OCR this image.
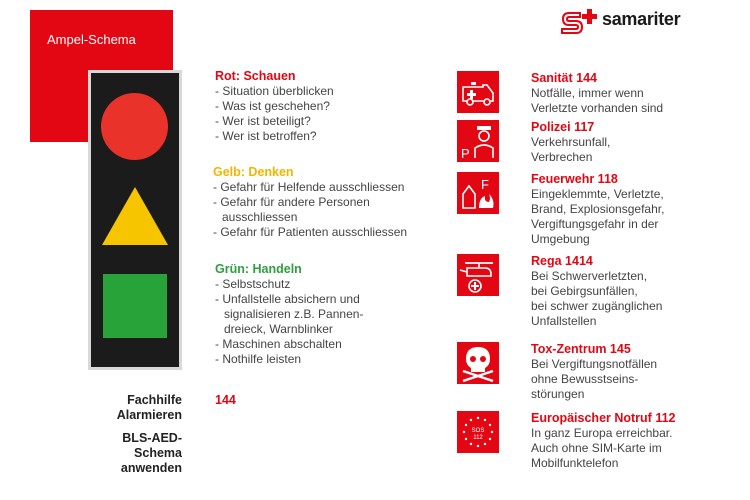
Ampel-Schema
samariter
Rot: Schauen
- Situation überblicken
- Was ist geschehen?
- Wer ist beteiligt?
- Wer ist betroffen?
Gelb: Denken
- Gefahr für Helfende ausschliessen
- Gefahr für andere Personen
ausschliessen
- Gefahr für Patienten ausschliessen
Grün: Handeln
- Selbstschutz
- Unfallstelle absichern und
signalisieren z.B. Pannen-
dreieck, Warnblinker
- Maschinen abschalten
- Nothilfe leisten
Fachhilfe
Alarmieren
144
BLS-AED-
Schema
anwenden
P
F
SOS
112
Sanität 144
Notfälle, immer wenn
Verletzte vorhanden sind
Polizei 117
Verkehrsunfall,
Verbrechen
Feuerwehr 118
Eingeklemmte, Verletzte,
Brand, Explosionsgefahr,
Vergiftungsgefahr in der
Umgebung
Rega 1414
Bei Schwerverletzten,
bei Gebirgsunfällen,
bei schwer zugänglichen
Unfallstellen
Tox-Zentrum 145
Bei Vergiftungsnotfällen
ohne Bewusstseins-
störungen
Europäischer Notruf 112
In ganz Europa erreichbar.
Auch ohne SIM-Karte im
Mobilfunktelefon
